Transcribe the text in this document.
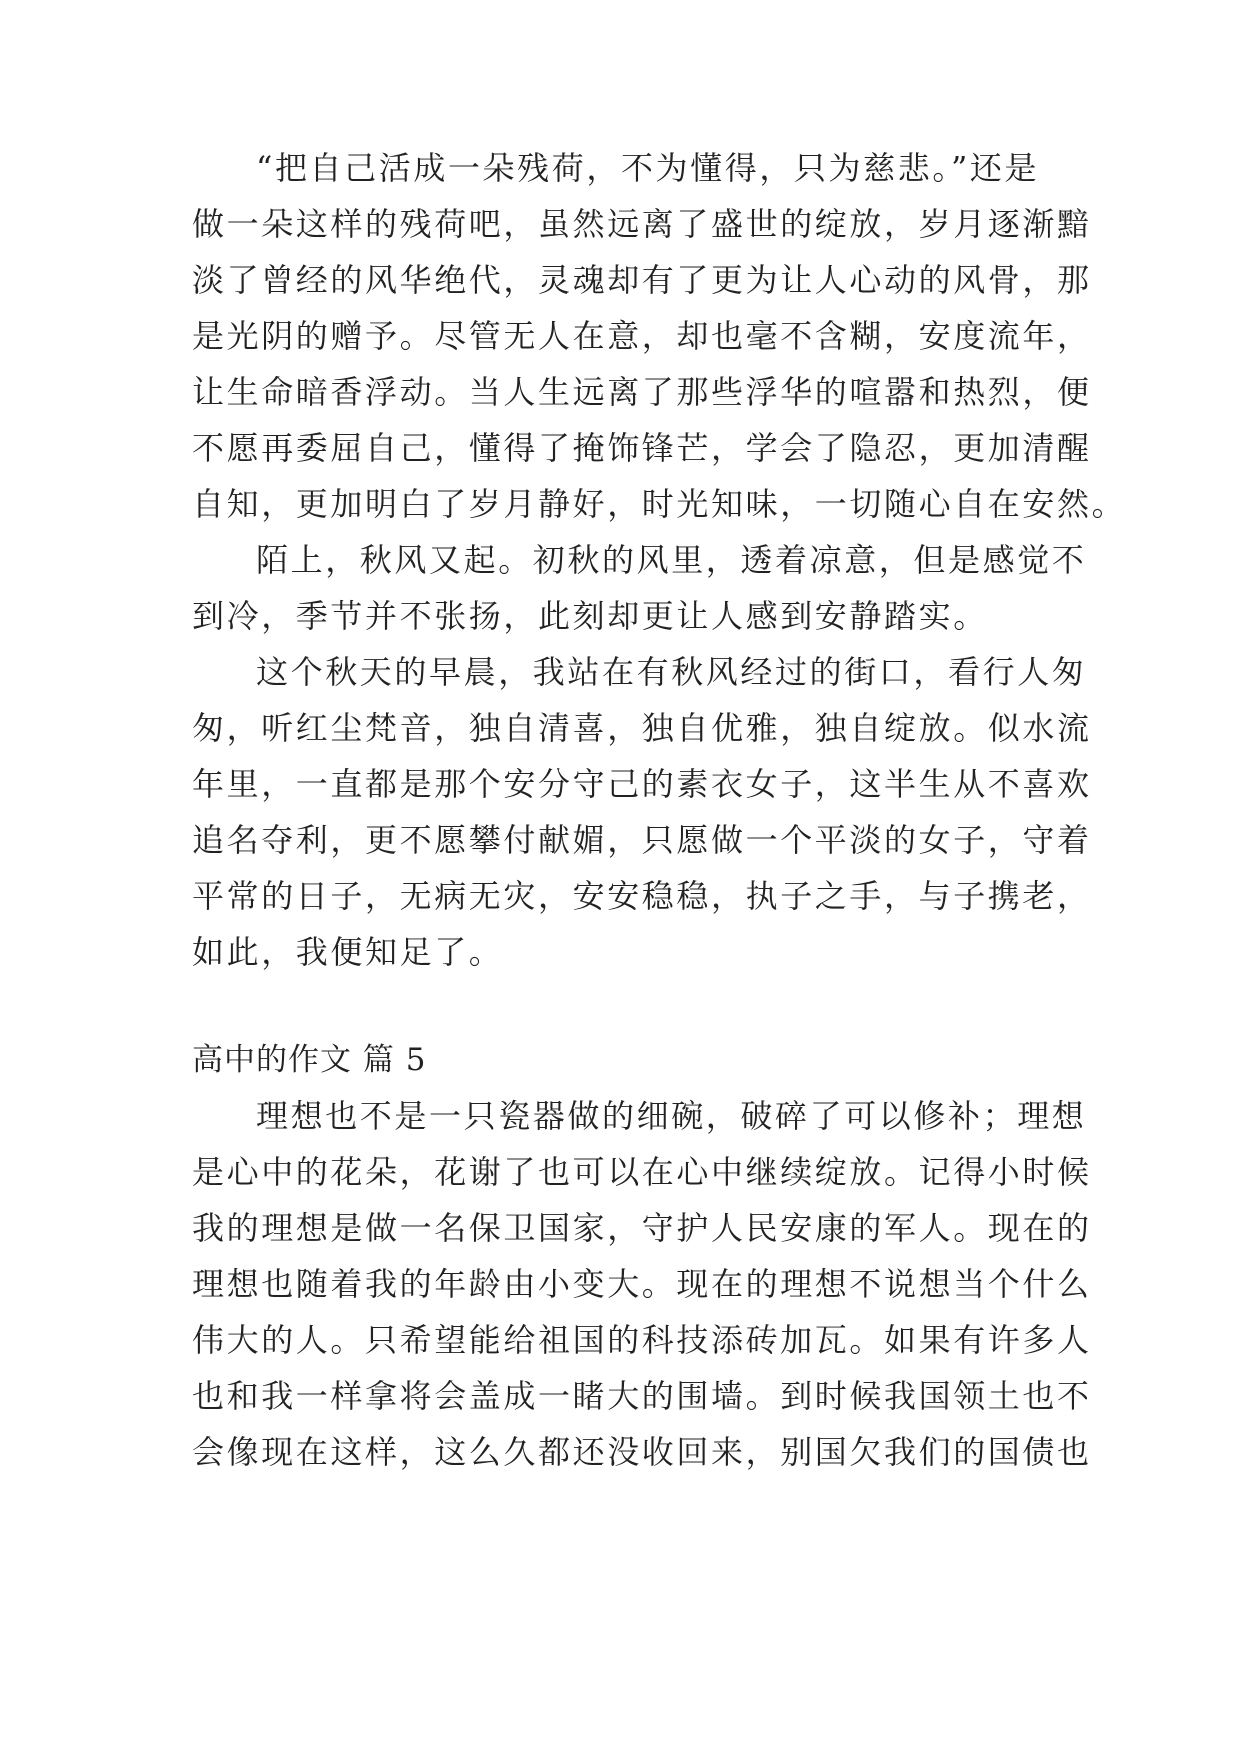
“把自己活成一朵残荷，不为懂得，只为慈悲。”还是
做一朵这样的残荷吧，虽然远离了盛世的绽放，岁月逐渐黯
淡了曾经的风华绝代，灵魂却有了更为让人心动的风骨，那
是光阴的赠予。尽管无人在意，却也毫不含糊，安度流年，
让生命暗香浮动。当人生远离了那些浮华的喧嚣和热烈，便
不愿再委屈自己，懂得了掩饰锋芒，学会了隐忍，更加清醒
自知，更加明白了岁月静好，时光知味，一切随心自在安然。
陌上，秋风又起。初秋的风里，透着凉意，但是感觉不
到冷，季节并不张扬，此刻却更让人感到安静踏实。
这个秋天的早晨，我站在有秋风经过的街口，看行人匆
匆，听红尘梵音，独自清喜，独自优雅，独自绽放。似水流
年里，一直都是那个安分守己的素衣女子，这半生从不喜欢
追名夺利，更不愿攀付献媚，只愿做一个平淡的女子，守着
平常的日子，无病无灾，安安稳稳，执子之手，与子携老，
如此，我便知足了。
高中的作文 篇 5
理想也不是一只瓷器做的细碗，破碎了可以修补；理想
是心中的花朵，花谢了也可以在心中继续绽放。记得小时候
我的理想是做一名保卫国家，守护人民安康的军人。现在的
理想也随着我的年龄由小变大。现在的理想不说想当个什么
伟大的人。只希望能给祖国的科技添砖加瓦。如果有许多人
也和我一样拿将会盖成一睹大的围墙。到时候我国领土也不
会像现在这样，这么久都还没收回来，别国欠我们的国债也
